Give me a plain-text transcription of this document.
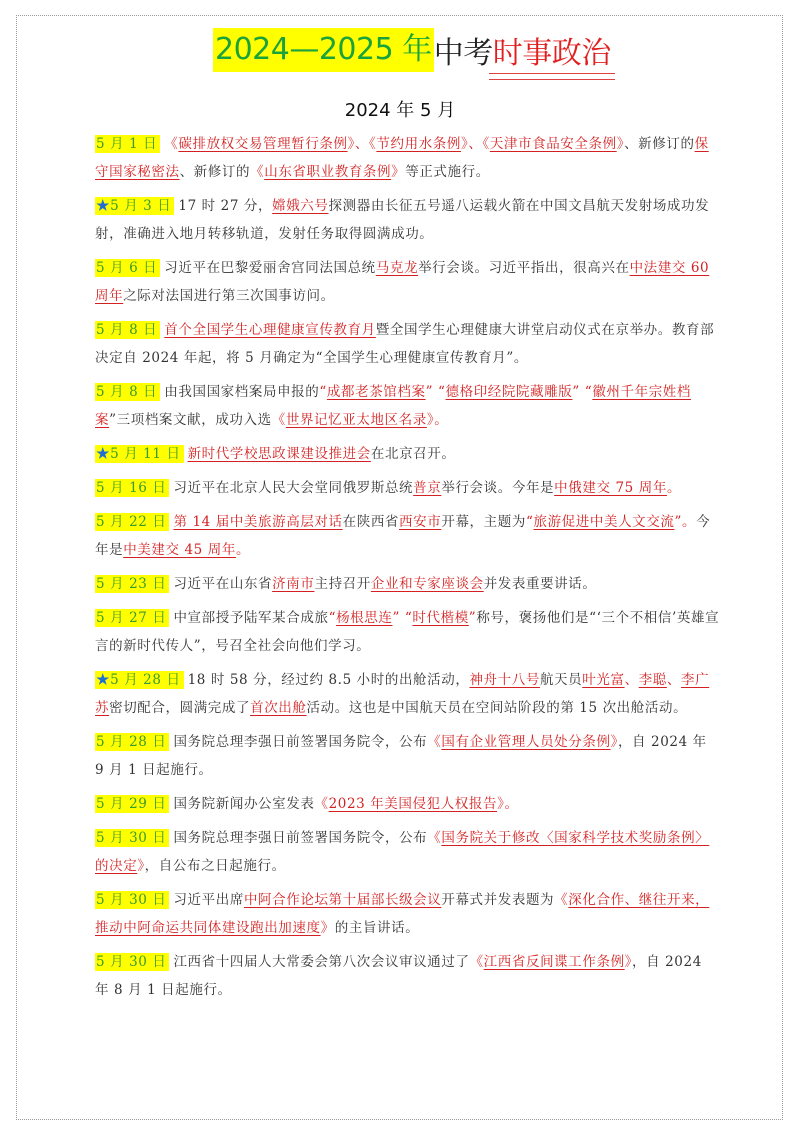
2024—2025 年 中考 时事政治
2024 年 5 月
5 月 1 日 《碳排放权交易管理暂行条例》、《节约用水条例》、《天津市食品安全条例》、新修订的保守国家秘密法、新修订的《山东省职业教育条例》等正式施行。
★5 月 3 日 17 时 27 分，嫦娥六号探测器由长征五号遥八运载火箭在中国文昌航天发射场成功发射，准确进入地月转移轨道，发射任务取得圆满成功。
5 月 6 日 习近平在巴黎爱丽舍宫同法国总统马克龙举行会谈。习近平指出，很高兴在中法建交 60 周年之际对法国进行第三次国事访问。
5 月 8 日 首个全国学生心理健康宣传教育月暨全国学生心理健康大讲堂启动仪式在京举办。教育部决定自 2024 年起，将 5 月确定为“全国学生心理健康宣传教育月”。
5 月 8 日 由我国国家档案局申报的“成都老茶馆档案” “德格印经院院藏雕版” “徽州千年宗姓档案”三项档案文献，成功入选《世界记忆亚太地区名录》。
★5 月 11 日 新时代学校思政课建设推进会在北京召开。
5 月 16 日 习近平在北京人民大会堂同俄罗斯总统普京举行会谈。今年是中俄建交 75 周年。
5 月 22 日 第 14 届中美旅游高层对话在陕西省西安市开幕，主题为“旅游促进中美人文交流”。今年是中美建交 45 周年。
5 月 23 日 习近平在山东省济南市主持召开企业和专家座谈会并发表重要讲话。
5 月 27 日 中宣部授予陆军某合成旅“杨根思连” “时代楷模”称号，褒扬他们是“‘三个不相信’英雄宣言的新时代传人”，号召全社会向他们学习。
★5 月 28 日 18 时 58 分，经过约 8.5 小时的出舱活动，神舟十八号航天员叶光富、李聪、李广苏密切配合，圆满完成了首次出舱活动。这也是中国航天员在空间站阶段的第 15 次出舱活动。
5 月 28 日 国务院总理李强日前签署国务院令，公布《国有企业管理人员处分条例》，自 2024 年 9 月 1 日起施行。
5 月 29 日 国务院新闻办公室发表《2023 年美国侵犯人权报告》。
5 月 30 日 国务院总理李强日前签署国务院令，公布《国务院关于修改〈国家科学技术奖励条例〉的决定》，自公布之日起施行。
5 月 30 日 习近平出席中阿合作论坛第十届部长级会议开幕式并发表题为《深化合作、继往开来，推动中阿命运共同体建设跑出加速度》的主旨讲话。
5 月 30 日 江西省十四届人大常委会第八次会议审议通过了《江西省反间谍工作条例》，自 2024 年 8 月 1 日起施行。
